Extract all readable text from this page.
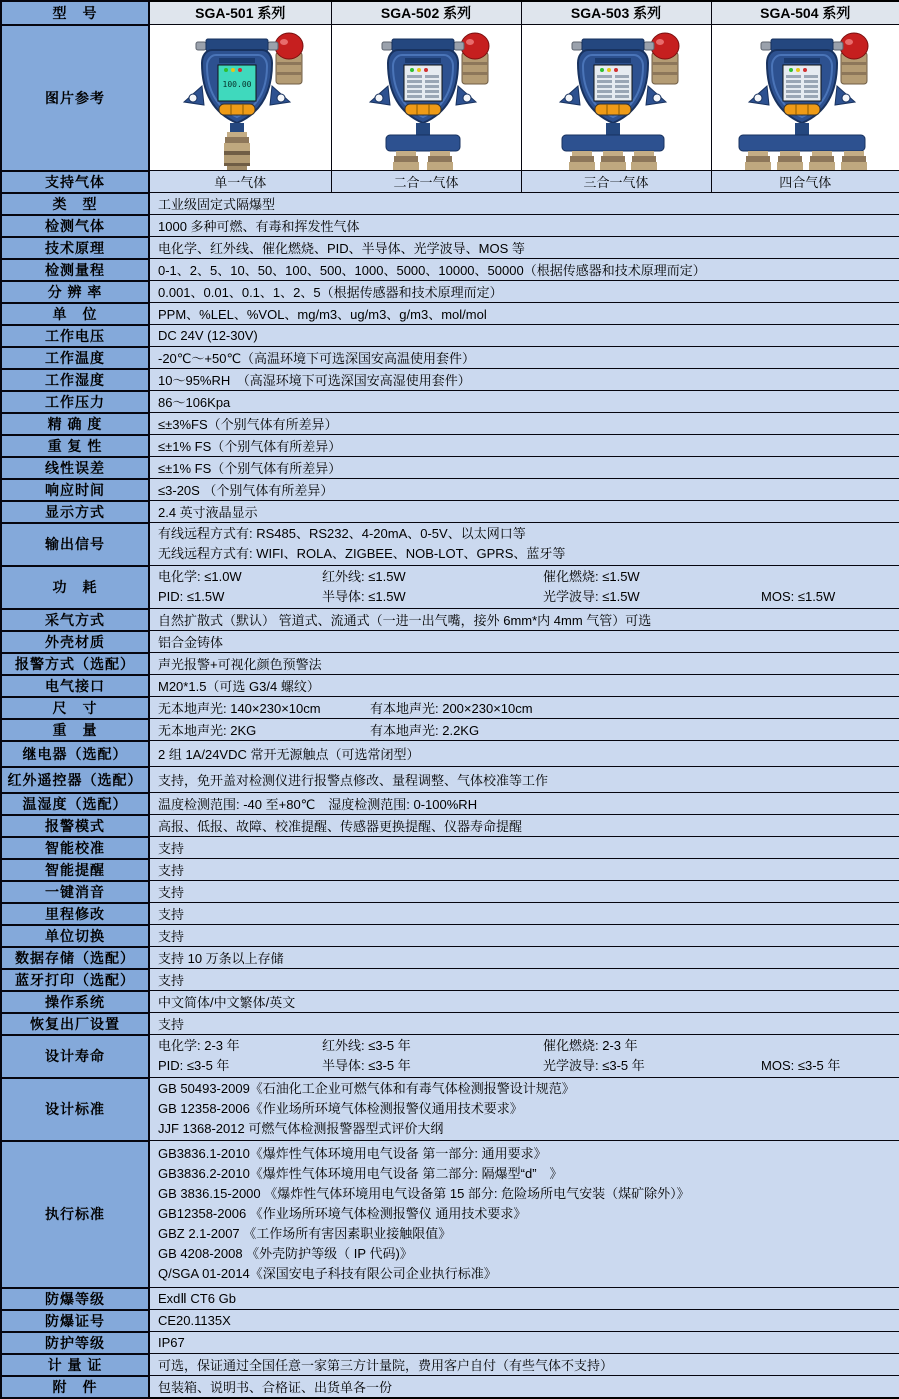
型　号	SGA-501 系列	SGA-502 系列	SGA-503 系列	SGA-504 系列
图片参考	100.00

支持气体	单一气体	二合一气体	三合一气体	四合气体
类　型	工业级固定式隔爆型			
检测气体	1000 多种可燃、有毒和挥发性气体			
技术原理	电化学、红外线、催化燃烧、PID、半导体、光学波导、MOS 等			
检测量程	0-1、2、5、10、50、100、500、1000、5000、10000、50000（根据传感器和技术原理而定）			
分 辨 率	0.001、0.01、0.1、1、2、5（根据传感器和技术原理而定）			
单　位	PPM、%LEL、%VOL、mg/m3、ug/m3、g/m3、mol/mol			
工作电压	DC 24V (12-30V)			
工作温度	-20℃～+50℃（高温环境下可选深国安高温使用套件）			
工作湿度	10～95%RH　（高湿环境下可选深国安高湿使用套件）			
工作压力	86～106Kpa			
精 确 度	≤±3%FS（个别气体有所差异）			
重 复 性	≤±1% FS（个别气体有所差异）			
线性误差	≤±1% FS（个别气体有所差异）			
响应时间	≤3-20S （个别气体有所差异）			
显示方式	2.4 英寸液晶显示			
输出信号	有线远程方式有: RS485、RS232、4-20mA、0-5V、以太网口等
无线远程方式有: WIFI、ROLA、ZIGBEE、NOB-LOT、GPRS、蓝牙等			

功　耗	电化学: ≤1.0W 红外线: ≤1.5W 催化燃烧: ≤1.5W
PID: ≤1.5W 半导体: ≤1.5W 光学波导: ≤1.5W MOS: ≤1.5W			

采气方式	自然扩散式（默认） 管道式、流通式（一进一出气嘴，接外 6mm*内 4mm 气管）可选			
外壳材质	铝合金铸体			
报警方式（选配）	声光报警+可视化颜色预警法			
电气接口	M20*1.5（可选 G3/4 螺纹）			
尺　寸	无本地声光: 140×230×10cm 有本地声光: 200×230×10cm			
重　量	无本地声光: 2KG 有本地声光: 2.2KG			
继电器（选配）	2 组 1A/24VDC 常开无源触点（可选常闭型）			
红外遥控器（选配）	支持，免开盖对检测仪进行报警点修改、量程调整、气体校准等工作			
温湿度（选配）	温度检测范围: -40 至+80℃　湿度检测范围: 0-100%RH			
报警模式	高报、低报、故障、校准提醒、传感器更换提醒、仪器寿命提醒			
智能校准	支持			
智能提醒	支持			
一键消音	支持			
里程修改	支持			
单位切换	支持			
数据存储（选配）	支持 10 万条以上存储			
蓝牙打印（选配）	支持			
操作系统	中文简体/中文繁体/英文			
恢复出厂设置	支持			
设计寿命	电化学: 2-3 年 红外线: ≤3-5 年 催化燃烧: 2-3 年
PID: ≤3-5 年 半导体: ≤3-5 年 光学波导: ≤3-5 年 MOS: ≤3-5 年			

设计标准	GB 50493-2009《石油化工企业可燃气体和有毒气体检测报警设计规范》
GB 12358-2006《作业场所环境气体检测报警仪通用技术要求》
JJF 1368-2012 可燃气体检测报警器型式评价大纲			

执行标准	
GB3836.1-2010《爆炸性气体环境用电气设备 第一部分: 通用要求》
GB3836.2-2010《爆炸性气体环境用电气设备 第二部分: 隔爆型“d”　》
GB 3836.15-2000 《爆炸性气体环境用电气设备第 15 部分: 危险场所电气安装（煤矿除外）》
GB12358-2006 《作业场所环境气体检测报警仪 通用技术要求》
GBZ 2.1-2007 《工作场所有害因素职业接触限值》
GB 4208-2008 《外壳防护等级（ IP 代码)》
Q/SGA 01-2014《深国安电子科技有限公司企业执行标准》

防爆等级	ExdⅡ CT6 Gb			
防爆证号	CE20.1135X			
防护等级	IP67			
计 量 证	可选，保证通过全国任意一家第三方计量院，费用客户自付（有些气体不支持）			
附　件	包装箱、说明书、合格证、出货单各一份			
